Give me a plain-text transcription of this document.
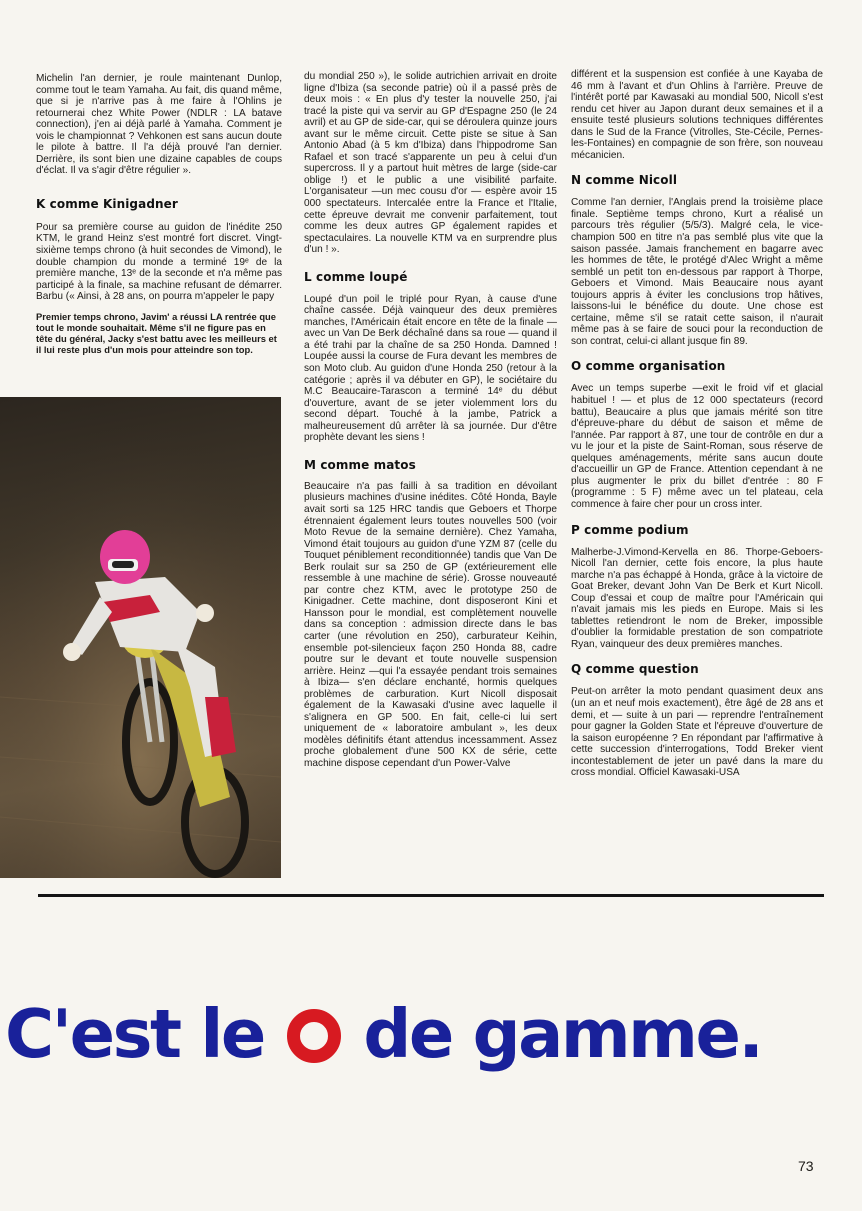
Michelin l'an dernier, je roule maintenant Dunlop, comme tout le team Yamaha. Au fait, dis quand même, que si je n'arrive pas à me faire à l'Ohlins je retournerai chez White Power (NDLR : LA batave connection), j'en ai déjà parlé à Yamaha. Comment je vois le championnat ? Vehkonen est sans aucun doute le pilote à battre. Il l'a déjà prouvé l'an dernier. Derrière, ils sont bien une dizaine capables de coups d'éclat. Il va s'agir d'être régulier ».

K comme Kinigadner

Pour sa première course au guidon de l'inédite 250 KTM, le grand Heinz s'est montré fort discret. Vingt-sixième temps chrono (à huit secondes de Vimond), le double champion du monde a terminé 19ᵉ de la première manche, 13ᵉ de la seconde et n'a même pas participé à la finale, sa machine refusant de démarrer. Barbu (« Ainsi, à 28 ans, on pourra m'appeler le papy

Premier temps chrono, Javim' a réussi LA rentrée que tout le monde souhaitait. Même s'il ne figure pas en tête du général, Jacky s'est battu avec les meilleurs et il lui reste plus d'un mois pour atteindre son top.

du mondial 250 »), le solide autrichien arrivait en droite ligne d'Ibiza (sa seconde patrie) où il a passé près de deux mois : « En plus d'y tester la nouvelle 250, j'ai tracé la piste qui va servir au GP d'Espagne 250 (le 24 avril) et au GP de side-car, qui se déroulera quinze jours avant sur le même circuit. Cette piste se situe à San Antonio Abad (à 5 km d'Ibiza) dans l'hippodrome San Rafael et son tracé s'apparente un peu à celui d'un supercross. Il y a partout huit mètres de large (side-car oblige !) et le public a une visibilité parfaite. L'organisateur —un mec cousu d'or — espère avoir 15 000 spectateurs. Intercalée entre la France et l'Italie, cette épreuve devrait me convenir parfaitement, tout comme les deux autres GP également rapides et spectaculaires. La nouvelle KTM va en surprendre plus d'un ! ».

L comme loupé

Loupé d'un poil le triplé pour Ryan, à cause d'une chaîne cassée. Déjà vainqueur des deux premières manches, l'Américain était encore en tête de la finale — avec un Van De Berk déchaîné dans sa roue — quand il a été trahi par la chaîne de sa 250 Honda. Damned ! Loupée aussi la course de Fura devant les membres de son Moto club. Au guidon d'une Honda 250 (retour à la catégorie ; après il va débuter en GP), le sociétaire du M.C Beaucaire-Tarascon a terminé 14ᵉ du début d'ouverture, avant de se jeter violemment lors du second départ. Touché à la jambe, Patrick a malheureusement dû arrêter là sa journée. Dur d'être prophète devant les siens !

M comme matos

Beaucaire n'a pas failli à sa tradition en dévoilant plusieurs machines d'usine inédites. Côté Honda, Bayle avait sorti sa 125 HRC tandis que Geboers et Thorpe étrennaient également leurs toutes nouvelles 500 (voir Moto Revue de la semaine dernière). Chez Yamaha, Vimond était toujours au guidon d'une YZM 87 (celle du Touquet péniblement reconditionnée) tandis que Van De Berk roulait sur sa 250 de GP (extérieurement elle ressemble à une machine de série). Grosse nouveauté par contre chez KTM, avec le prototype 250 de Kinigadner. Cette machine, dont disposeront Kini et Hansson pour le mondial, est complètement nouvelle dans sa conception : admission directe dans le bas carter (une révolution en 250), carburateur Keihin, ensemble pot-silencieux façon 250 Honda 88, cadre poutre sur le devant et toute nouvelle suspension arrière. Heinz —qui l'a essayée pendant trois semaines à Ibiza— s'en déclare enchanté, hormis quelques problèmes de carburation. Kurt Nicoll disposait également de la Kawasaki d'usine avec laquelle il s'alignera en GP 500. En fait, celle-ci lui sert uniquement de « laboratoire ambulant », les deux modèles définitifs étant attendus incessamment. Assez proche globalement d'une 500 KX de série, cette machine dispose cependant d'un Power-Valve

différent et la suspension est confiée à une Kayaba de 46 mm à l'avant et d'un Ohlins à l'arrière. Preuve de l'intérêt porté par Kawasaki au mondial 500, Nicoll s'est rendu cet hiver au Japon durant deux semaines et il a ensuite testé plusieurs solutions techniques différentes dans le Sud de la France (Vitrolles, Ste-Cécile, Pernes-les-Fontaines) en compagnie de son frère, son nouveau mécanicien.

N comme Nicoll

Comme l'an dernier, l'Anglais prend la troisième place finale. Septième temps chrono, Kurt a réalisé un parcours très régulier (5/5/3). Malgré cela, le vice-champion 500 en titre n'a pas semblé plus vite que la saison passée. Jamais franchement en bagarre avec les hommes de tête, le protégé d'Alec Wright a même semblé un petit ton en-dessous par rapport à Thorpe, Geboers et Vimond. Mais Beaucaire nous ayant toujours appris à éviter les conclusions trop hâtives, laissons-lui le bénéfice du doute. Une chose est certaine, même s'il se ratait cette saison, il n'aurait même pas à se faire de souci pour la reconduction de son contrat, celui-ci allant jusque fin 89.

O comme organisation

Avec un temps superbe —exit le froid vif et glacial habituel ! — et plus de 12 000 spectateurs (record battu), Beaucaire a plus que jamais mérité son titre d'épreuve-phare du début de saison et même de l'année. Par rapport à 87, une tour de contrôle en dur a vu le jour et la piste de Saint-Roman, sous réserve de quelques aménagements, mérite sans aucun doute d'accueillir un GP de France. Attention cependant à ne plus augmenter le prix du billet d'entrée : 80 F (programme : 5 F) même avec un tel plateau, cela commence à faire cher pour un cross inter.

P comme podium

Malherbe-J.Vimond-Kervella en 86. Thorpe-Geboers-Nicoll l'an dernier, cette fois encore, la plus haute marche n'a pas échappé à Honda, grâce à la victoire de Goat Breker, devant John Van De Berk et Kurt Nicoll. Coup d'essai et coup de maître pour l'Américain qui n'avait jamais mis les pieds en Europe. Mais si les tablettes retiendront le nom de Breker, impossible d'oublier la formidable prestation de son compatriote Ryan, vainqueur des deux premières manches.

Q comme question

Peut-on arrêter la moto pendant quasiment deux ans (un an et neuf mois exactement), être âgé de 28 ans et demi, et — suite à un pari — reprendre l'entraînement pour gagner la Golden State et l'épreuve d'ouverture de la saison européenne ? En répondant par l'affirmative à cette succession d'interrogations, Todd Breker vient incontestablement de jeter un pavé dans la mare du cross mondial. Officiel Kawasaki-USA

C'est le de gamme.
73
